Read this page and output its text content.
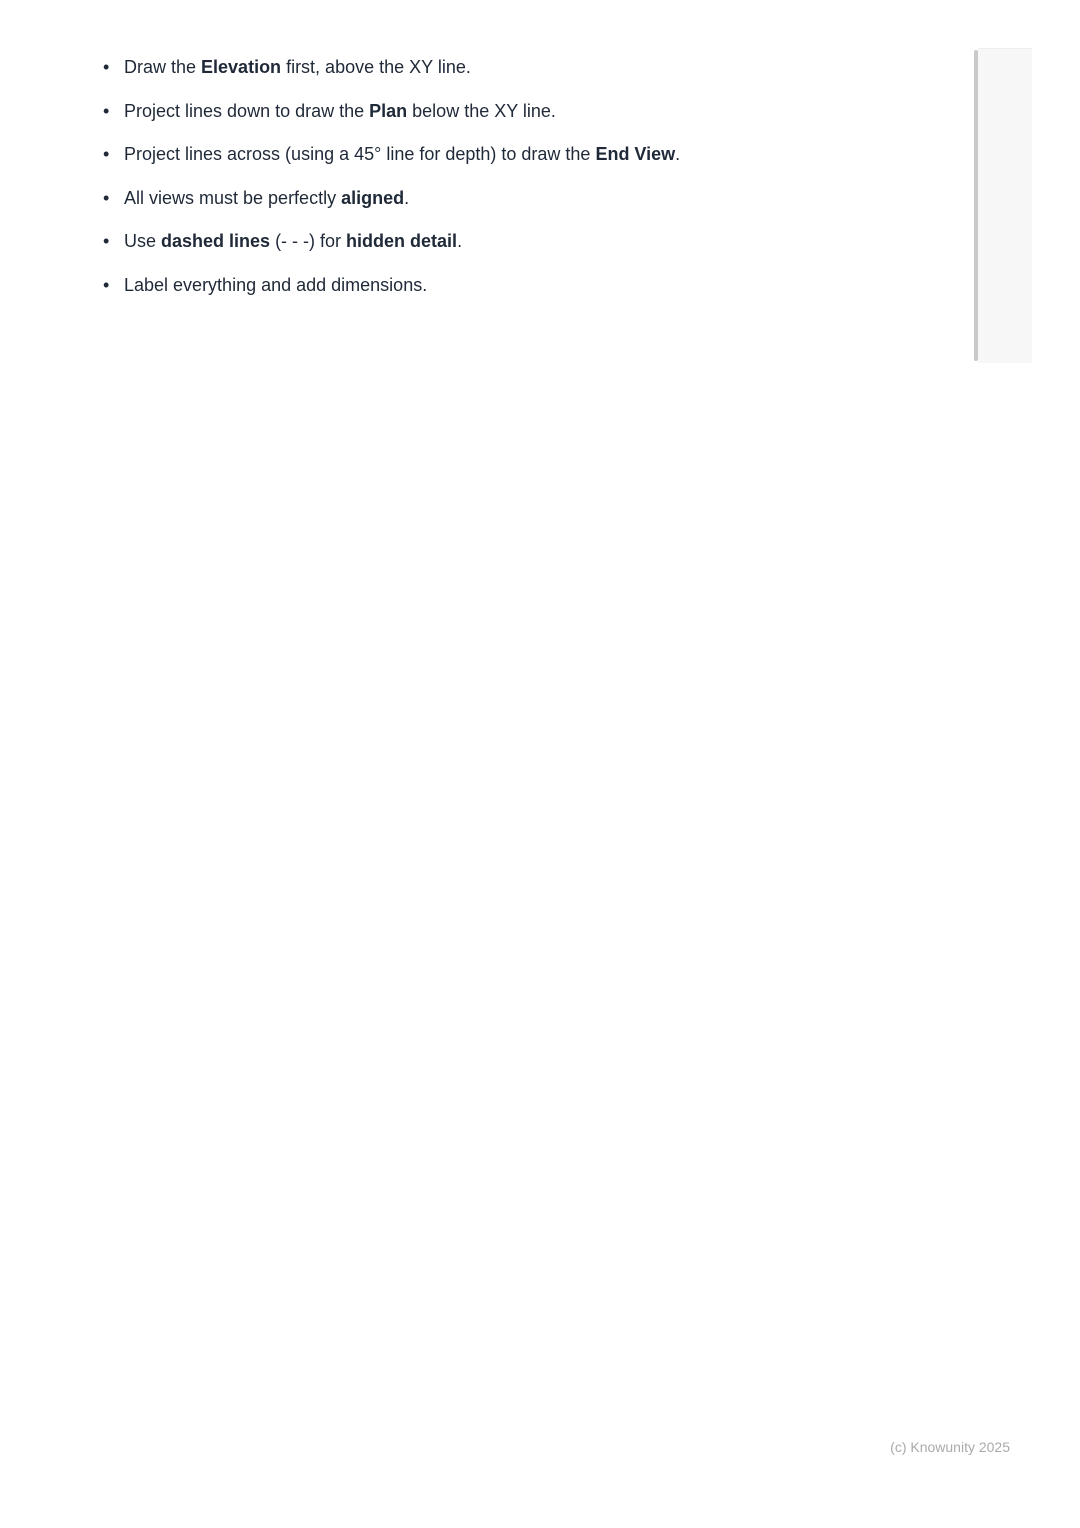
• Draw the Elevation first, above the XY line.
• Project lines down to draw the Plan below the XY line.
• Project lines across (using a 45° line for depth) to draw the End View.
• All views must be perfectly aligned.
• Use dashed lines (- - -) for hidden detail.
• Label everything and add dimensions.
(c) Knowunity 2025
